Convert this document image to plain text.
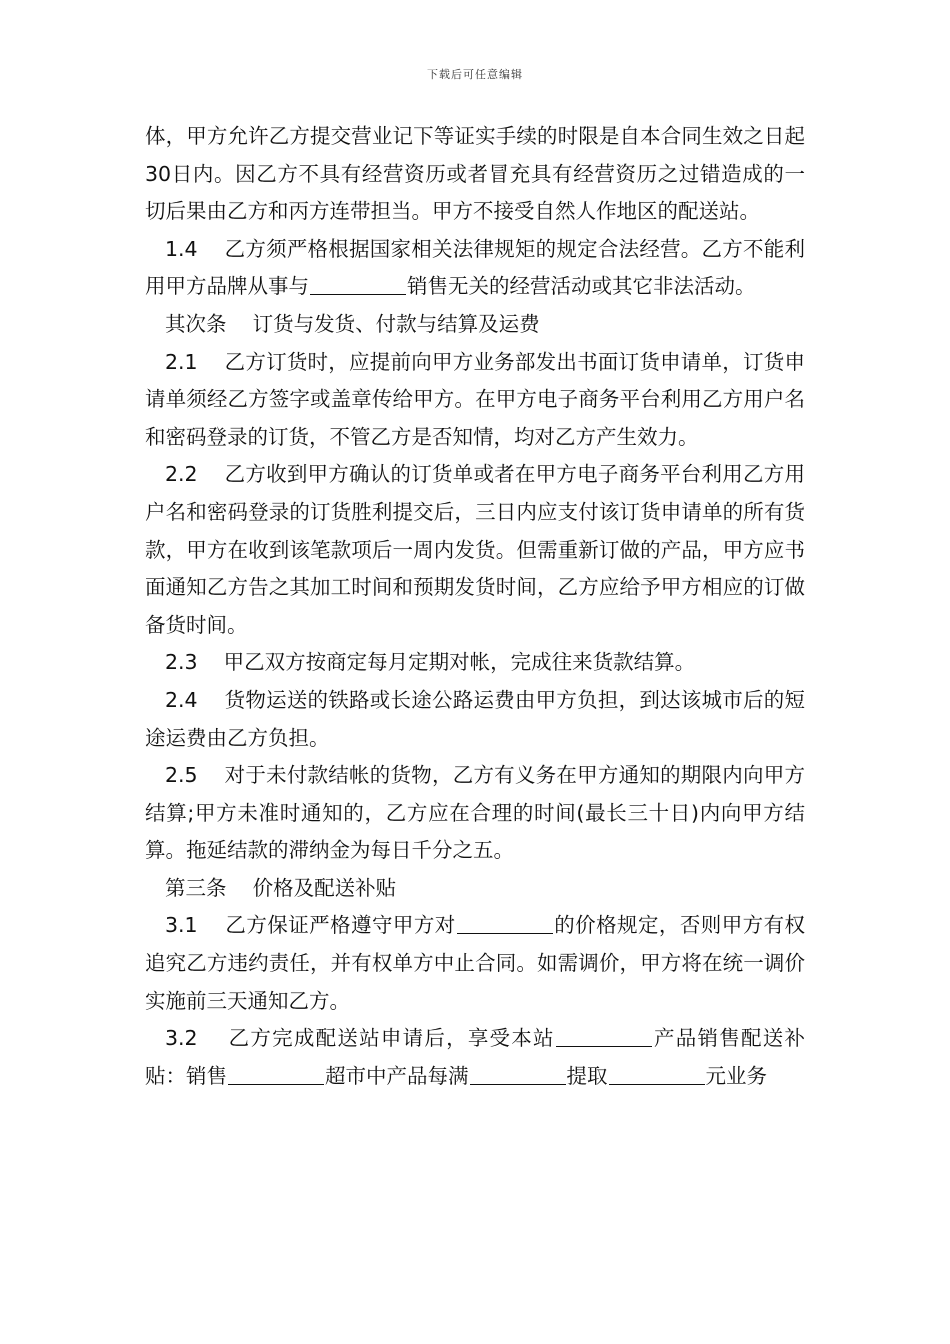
下载后可任意编辑

体，甲方允许乙方提交营业记下等证实手续的时限是自本合同生效之日起30日内。因乙方不具有经营资历或者冒充具有经营资历之过错造成的一切后果由乙方和丙方连带担当。甲方不接受自然人作地区的配送站。

1.4    乙方须严格根据国家相关法律规矩的规定合法经营。乙方不能利用甲方品牌从事与	销售无关的经营活动或其它非法活动。

其次条    订货与发货、付款与结算及运费

2.1    乙方订货时，应提前向甲方业务部发出书面订货申请单，订货申请单须经乙方签字或盖章传给甲方。在甲方电子商务平台利用乙方用户名和密码登录的订货，不管乙方是否知情，均对乙方产生效力。

2.2    乙方收到甲方确认的订货单或者在甲方电子商务平台利用乙方用户名和密码登录的订货胜利提交后，三日内应支付该订货申请单的所有货款，甲方在收到该笔款项后一周内发货。但需重新订做的产品，甲方应书面通知乙方告之其加工时间和预期发货时间，乙方应给予甲方相应的订做备货时间。

2.3    甲乙双方按商定每月定期对帐，完成往来货款结算。

2.4    货物运送的铁路或长途公路运费由甲方负担，到达该城市后的短途运费由乙方负担。

2.5    对于未付款结帐的货物，乙方有义务在甲方通知的期限内向甲方结算;甲方未准时通知的，乙方应在合理的时间(最长三十日)内向甲方结算。拖延结款的滞纳金为每日千分之五。

第三条    价格及配送补贴

3.1    乙方保证严格遵守甲方对	的价格规定，否则甲方有权追究乙方违约责任，并有权单方中止合同。如需调价，甲方将在统一调价实施前三天通知乙方。

3.2    乙方完成配送站申请后，享受本站	产品销售配送补贴：销售	超市中产品每满	提取	元业务
